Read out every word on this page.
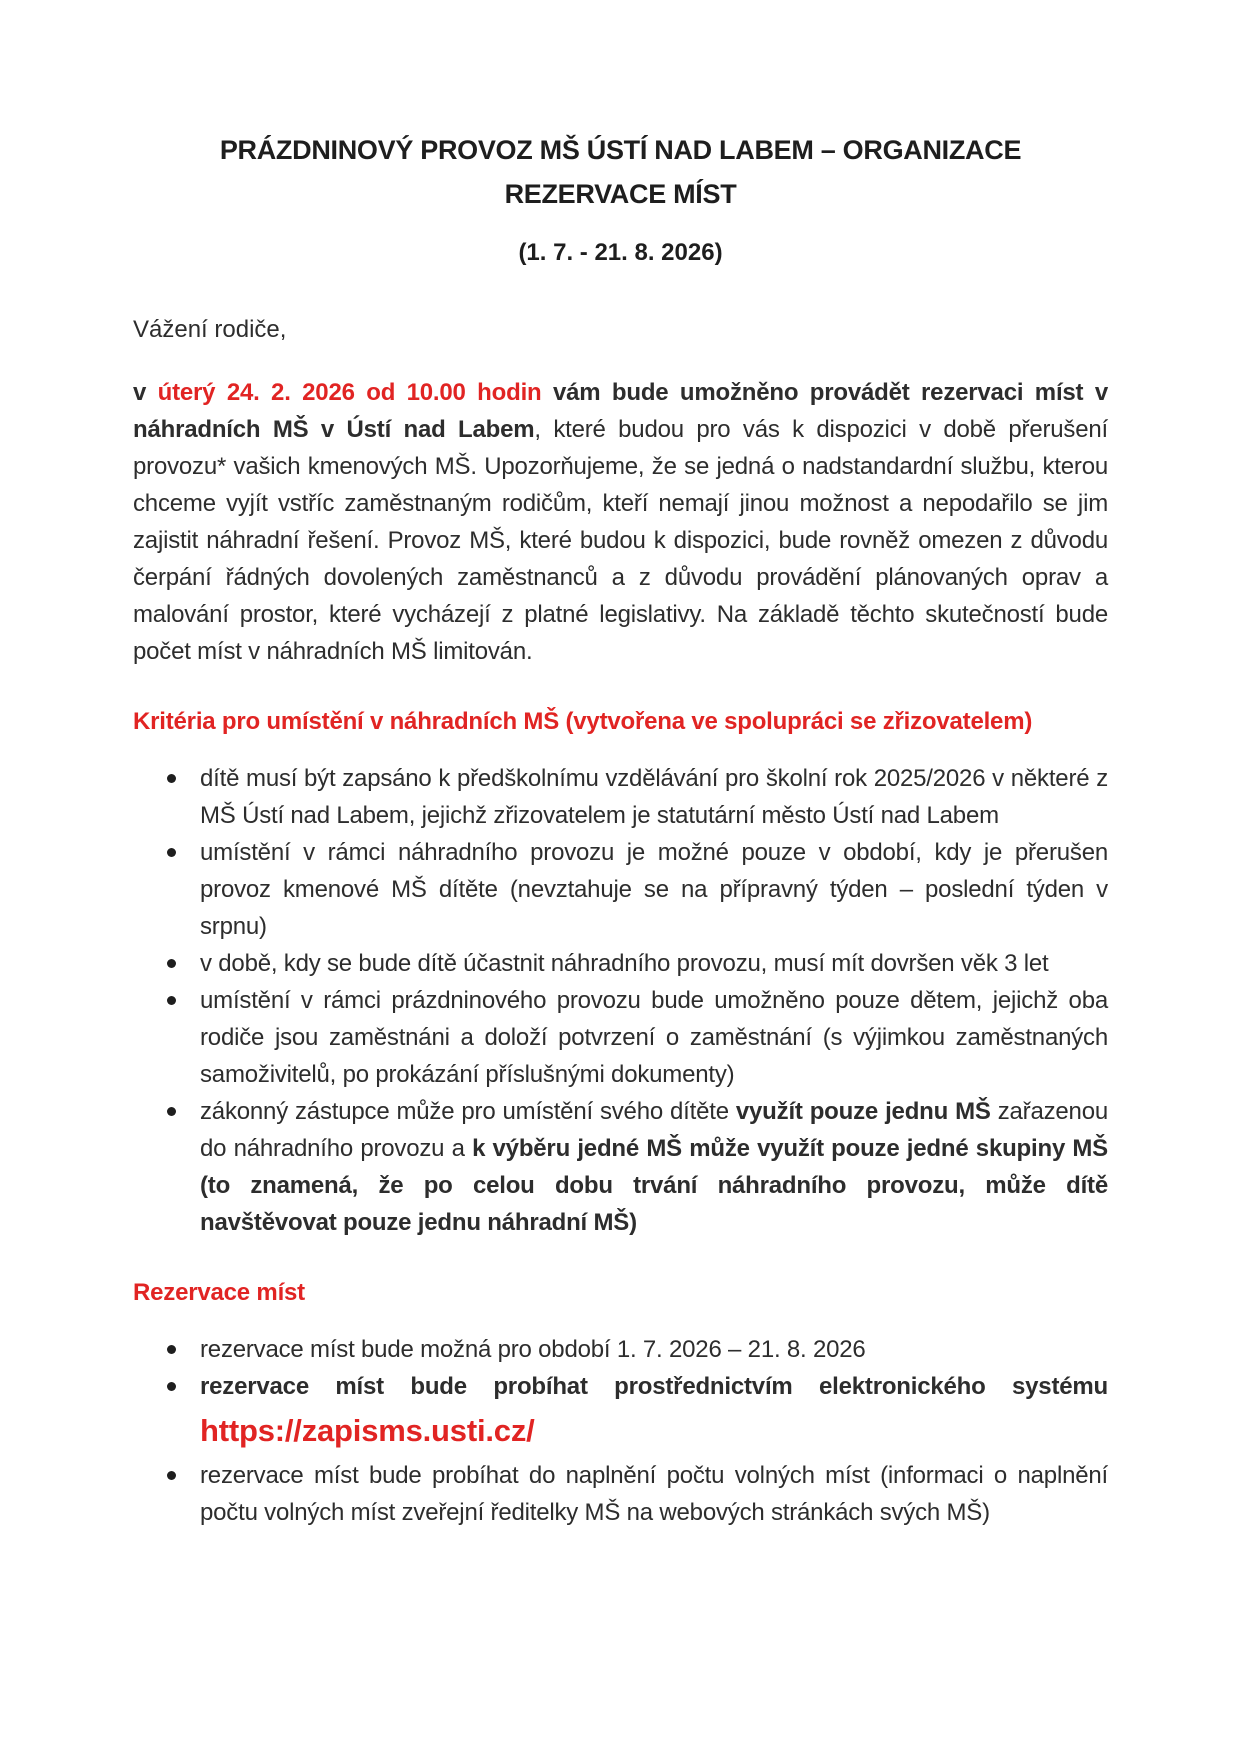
PRÁZDNINOVÝ PROVOZ MŠ ÚSTÍ NAD LABEM – ORGANIZACE
REZERVACE MÍST

(1. 7. - 21. 8. 2026)

Vážení rodiče,

v úterý 24. 2. 2026 od 10.00 hodin vám bude umožněno provádět rezervaci míst v náhradních MŠ v Ústí nad Labem, které budou pro vás k dispozici v době přerušení provozu* vašich kmenových MŠ. Upozorňujeme, že se jedná o nadstandardní službu, kterou chceme vyjít vstříc zaměstnaným rodičům, kteří nemají jinou možnost a nepodařilo se jim zajistit náhradní řešení. Provoz MŠ, které budou k dispozici, bude rovněž omezen z důvodu čerpání řádných dovolených zaměstnanců a z důvodu provádění plánovaných oprav a malování prostor, které vycházejí z platné legislativy. Na základě těchto skutečností bude počet míst v náhradních MŠ limitován.

Kritéria pro umístění v náhradních MŠ (vytvořena ve spolupráci se zřizovatelem)
dítě musí být zapsáno k předškolnímu vzdělávání pro školní rok 2025/2026 v některé z MŠ Ústí nad Labem, jejichž zřizovatelem je statutární město Ústí nad Labem
umístění v rámci náhradního provozu je možné pouze v období, kdy je přerušen provoz kmenové MŠ dítěte (nevztahuje se na přípravný týden – poslední týden v srpnu)
v době, kdy se bude dítě účastnit náhradního provozu, musí mít dovršen věk 3 let
umístění v rámci prázdninového provozu bude umožněno pouze dětem, jejichž oba rodiče jsou zaměstnáni a doloží potvrzení o zaměstnání (s výjimkou zaměstnaných samoživitelů, po prokázání příslušnými dokumenty)
zákonný zástupce může pro umístění svého dítěte využít pouze jednu MŠ zařazenou do náhradního provozu a k výběru jedné MŠ může využít pouze jedné skupiny MŠ (to znamená, že po celou dobu trvání náhradního provozu, může dítě navštěvovat pouze jednu náhradní MŠ)
Rezervace míst
rezervace míst bude možná pro období 1. 7. 2026 – 21. 8. 2026
rezervace míst bude probíhat prostřednictvím elektronického systému https://zapisms.usti.cz/
rezervace míst bude probíhat do naplnění počtu volných míst (informaci o naplnění počtu volných míst zveřejní ředitelky MŠ na webových stránkách svých MŠ)
